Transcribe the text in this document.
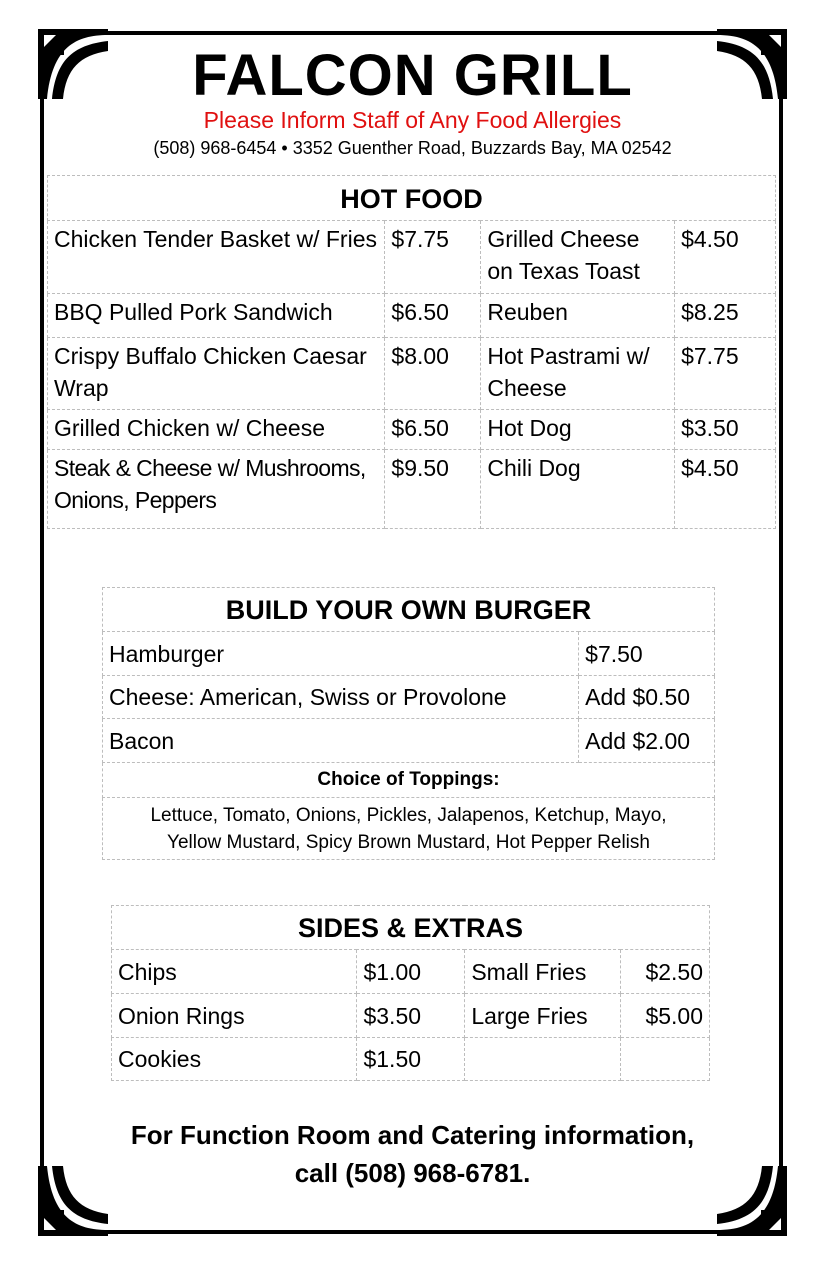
FALCON GRILL
Please Inform Staff of Any Food Allergies
(508) 968-6454 • 3352 Guenther Road, Buzzards Bay, MA 02542
HOT FOOD			
Chicken Tender Basket w/ Fries	$7.75	Grilled Cheese on Texas Toast	$4.50
BBQ Pulled Pork Sandwich	$6.50	Reuben	$8.25
Crispy Buffalo Chicken Caesar Wrap	$8.00	Hot Pastrami w/ Cheese	$7.75
Grilled Chicken w/ Cheese	$6.50	Hot Dog	$3.50
Steak & Cheese w/ Mushrooms, Onions, Peppers	$9.50	Chili Dog	$4.50
BUILD YOUR OWN BURGER	
Hamburger	$7.50
Cheese: American, Swiss or Provolone	Add $0.50
Bacon	Add $2.00
Choice of Toppings:	

Lettuce, Tomato, Onions, Pickles, Jalapenos, Ketchup, Mayo,
Yellow Mustard, Spicy Brown Mustard, Hot Pepper Relish	
SIDES & EXTRAS			
Chips	$1.00	Small Fries	$2.50
Onion Rings	$3.50	Large Fries	$5.00
Cookies	$1.50		
For Function Room and Catering information,
call (508) 968-6781.
